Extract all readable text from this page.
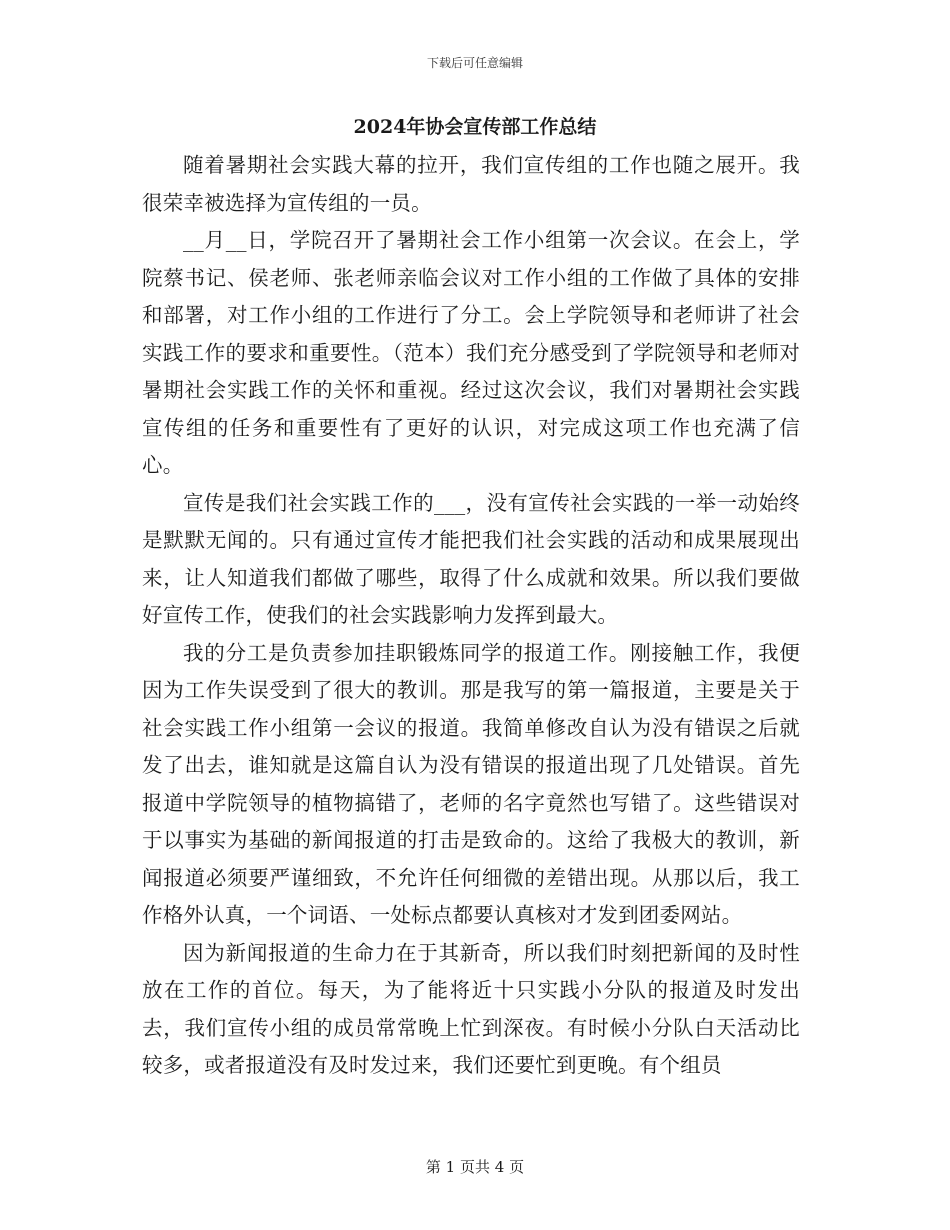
下载后可任意编辑
2024年协会宣传部工作总结

随着暑期社会实践大幕的拉开，我们宣传组的工作也随之展开。我很荣幸被选择为宣传组的一员。

__月__日，学院召开了暑期社会工作小组第一次会议。在会上，学院蔡书记、侯老师、张老师亲临会议对工作小组的工作做了具体的安排和部署，对工作小组的工作进行了分工。会上学院领导和老师讲了社会实践工作的要求和重要性。（范本）我们充分感受到了学院领导和老师对暑期社会实践工作的关怀和重视。经过这次会议，我们对暑期社会实践宣传组的任务和重要性有了更好的认识，对完成这项工作也充满了信心。

宣传是我们社会实践工作的___，没有宣传社会实践的一举一动始终是默默无闻的。只有通过宣传才能把我们社会实践的活动和成果展现出来，让人知道我们都做了哪些，取得了什么成就和效果。所以我们要做好宣传工作，使我们的社会实践影响力发挥到最大。

我的分工是负责参加挂职锻炼同学的报道工作。刚接触工作，我便因为工作失误受到了很大的教训。那是我写的第一篇报道，主要是关于社会实践工作小组第一会议的报道。我简单修改自认为没有错误之后就发了出去，谁知就是这篇自认为没有错误的报道出现了几处错误。首先报道中学院领导的植物搞错了，老师的名字竟然也写错了。这些错误对于以事实为基础的新闻报道的打击是致命的。这给了我极大的教训，新闻报道必须要严谨细致，不允许任何细微的差错出现。从那以后，我工作格外认真，一个词语、一处标点都要认真核对才发到团委网站。

因为新闻报道的生命力在于其新奇，所以我们时刻把新闻的及时性放在工作的首位。每天，为了能将近十只实践小分队的报道及时发出去，我们宣传小组的成员常常晚上忙到深夜。有时候小分队白天活动比较多，或者报道没有及时发过来，我们还要忙到更晚。有个组员

第 1 页共 4 页
